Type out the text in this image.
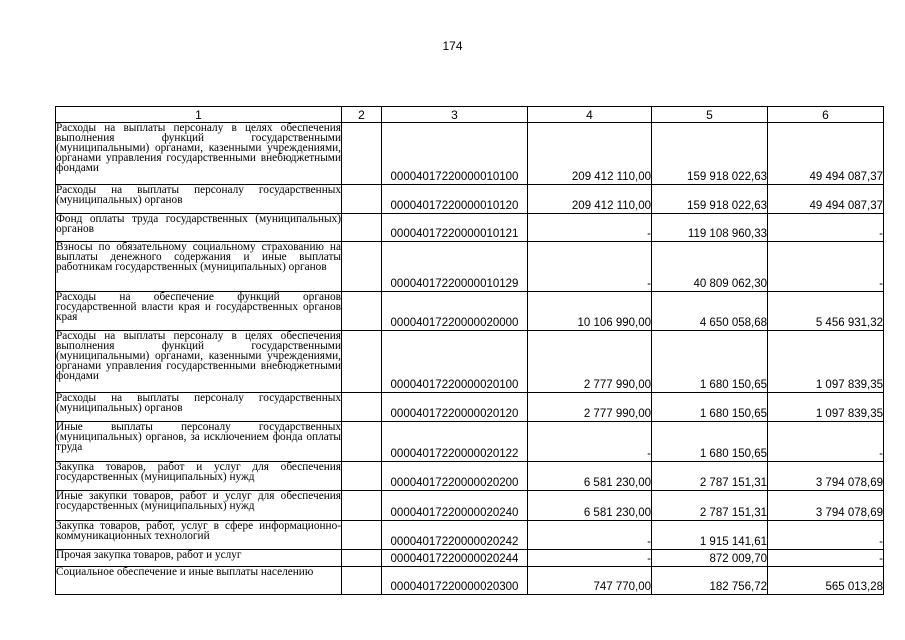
174
1	2	3	4	5	6
Расходы на выплаты персоналу в целях обеспечения выполнения функций государственными (муниципальными) органами, казенными учреждениями, органами управления государственными внебюджетными фондами		00004017220000010100	209 412 110,00	159 918 022,63	49 494 087,37
Расходы на выплаты персоналу государственных (муниципальных) органов		00004017220000010120	209 412 110,00	159 918 022,63	49 494 087,37
Фонд оплаты труда государственных (муниципальных) органов		00004017220000010121	-	119 108 960,33	-
Взносы по обязательному социальному страхованию на выплаты денежного содержания и иные выплаты работникам государственных (муниципальных) органов		00004017220000010129	-	40 809 062,30	-
Расходы на обеспечение функций органов государственной власти края и государственных органов края		00004017220000020000	10 106 990,00	4 650 058,68	5 456 931,32
Расходы на выплаты персоналу в целях обеспечения выполнения функций государственными (муниципальными) органами, казенными учреждениями, органами управления государственными внебюджетными фондами		00004017220000020100	2 777 990,00	1 680 150,65	1 097 839,35
Расходы на выплаты персоналу государственных (муниципальных) органов		00004017220000020120	2 777 990,00	1 680 150,65	1 097 839,35
Иные выплаты персоналу государственных (муниципальных) органов, за исключением фонда оплаты труда		00004017220000020122	-	1 680 150,65	-
Закупка товаров, работ и услуг для обеспечения государственных (муниципальных) нужд		00004017220000020200	6 581 230,00	2 787 151,31	3 794 078,69
Иные закупки товаров, работ и услуг для обеспечения государственных (муниципальных) нужд		00004017220000020240	6 581 230,00	2 787 151,31	3 794 078,69
Закупка товаров, работ, услуг в сфере информационно-коммуникационных технологий		00004017220000020242	-	1 915 141,61	-
Прочая закупка товаров, работ и услуг		00004017220000020244	-	872 009,70	-
Социальное обеспечение и иные выплаты населению		00004017220000020300	747 770,00	182 756,72	565 013,28
